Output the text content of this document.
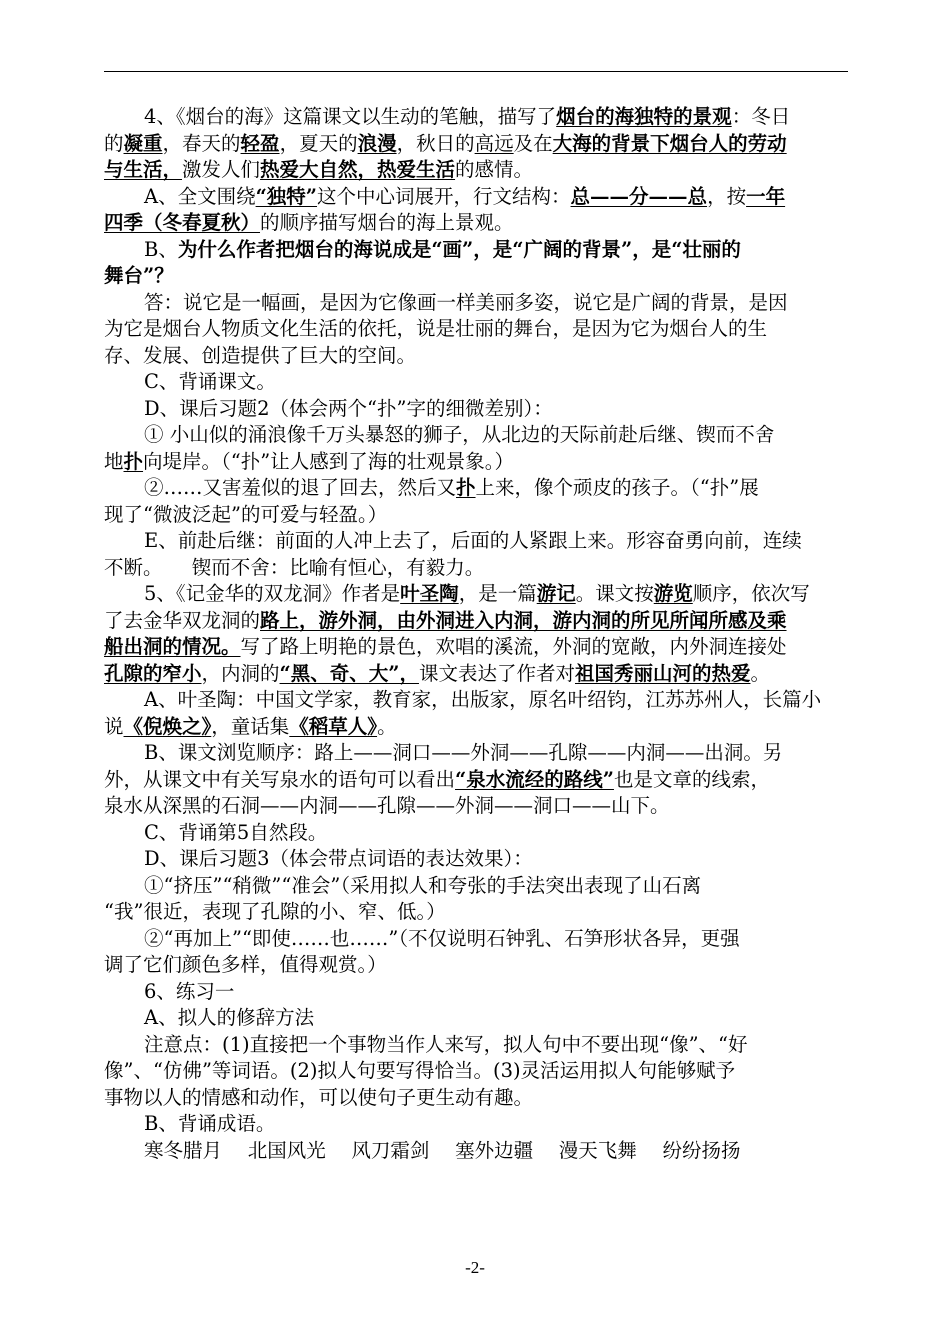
4、《烟台的海》这篇课文以生动的笔触，描写了烟台的海独特的景观：冬日
的凝重，春天的轻盈，夏天的浪漫，秋日的高远及在大海的背景下烟台人的劳动
与生活，激发人们热爱大自然，热爱生活的感情。
A、全文围绕“独特”这个中心词展开，行文结构：总——分——总，按一年
四季（冬春夏秋）的顺序描写烟台的海上景观。
B、为什么作者把烟台的海说成是“画”，是“广阔的背景”，是“壮丽的
舞台”？
答：说它是一幅画，是因为它像画一样美丽多姿，说它是广阔的背景，是因
为它是烟台人物质文化生活的依托，说是壮丽的舞台，是因为它为烟台人的生
存、发展、创造提供了巨大的空间。
C、背诵课文。
D、课后习题2（体会两个“扑”字的细微差别）：
① 小山似的涌浪像千万头暴怒的狮子，从北边的天际前赴后继、锲而不舍
地扑向堤岸。（“扑”让人感到了海的壮观景象。）
②……又害羞似的退了回去，然后又扑上来，像个顽皮的孩子。（“扑”展
现了“微波泛起”的可爱与轻盈。）
E、前赴后继：前面的人冲上去了，后面的人紧跟上来。形容奋勇向前，连续
不断。　　锲而不舍：比喻有恒心，有毅力。
5、《记金华的双龙洞》作者是叶圣陶，是一篇游记。课文按游览顺序，依次写
了去金华双龙洞的路上，游外洞，由外洞进入内洞，游内洞的所见所闻所感及乘
船出洞的情况。写了路上明艳的景色，欢唱的溪流，外洞的宽敞，内外洞连接处
孔隙的窄小，内洞的“黑、奇、大”，课文表达了作者对祖国秀丽山河的热爱。
A、叶圣陶：中国文学家，教育家，出版家，原名叶绍钧，江苏苏州人，长篇小
说《倪焕之》，童话集《稻草人》。
B、课文浏览顺序：路上——洞口——外洞——孔隙——内洞——出洞。另
外，从课文中有关写泉水的语句可以看出“泉水流经的路线”也是文章的线索，
泉水从深黑的石洞——内洞——孔隙——外洞——洞口——山下。
C、背诵第5自然段。
D、课后习题3（体会带点词语的表达效果）：
①“挤压”“稍微”“准会”（采用拟人和夸张的手法突出表现了山石离
“我”很近，表现了孔隙的小、窄、低。）
②“再加上”“即使……也……”（不仅说明石钟乳、石笋形状各异，更强
调了它们颜色多样，值得观赏。）
6、练习一
A、拟人的修辞方法
注意点：(1)直接把一个事物当作人来写，拟人句中不要出现“像”、“好
像”、“仿佛”等词语。(2)拟人句要写得恰当。(3)灵活运用拟人句能够赋予
事物以人的情感和动作，可以使句子更生动有趣。
B、背诵成语。
寒冬腊月　 北国风光　 风刀霜剑　 塞外边疆　 漫天飞舞　 纷纷扬扬
-2-
